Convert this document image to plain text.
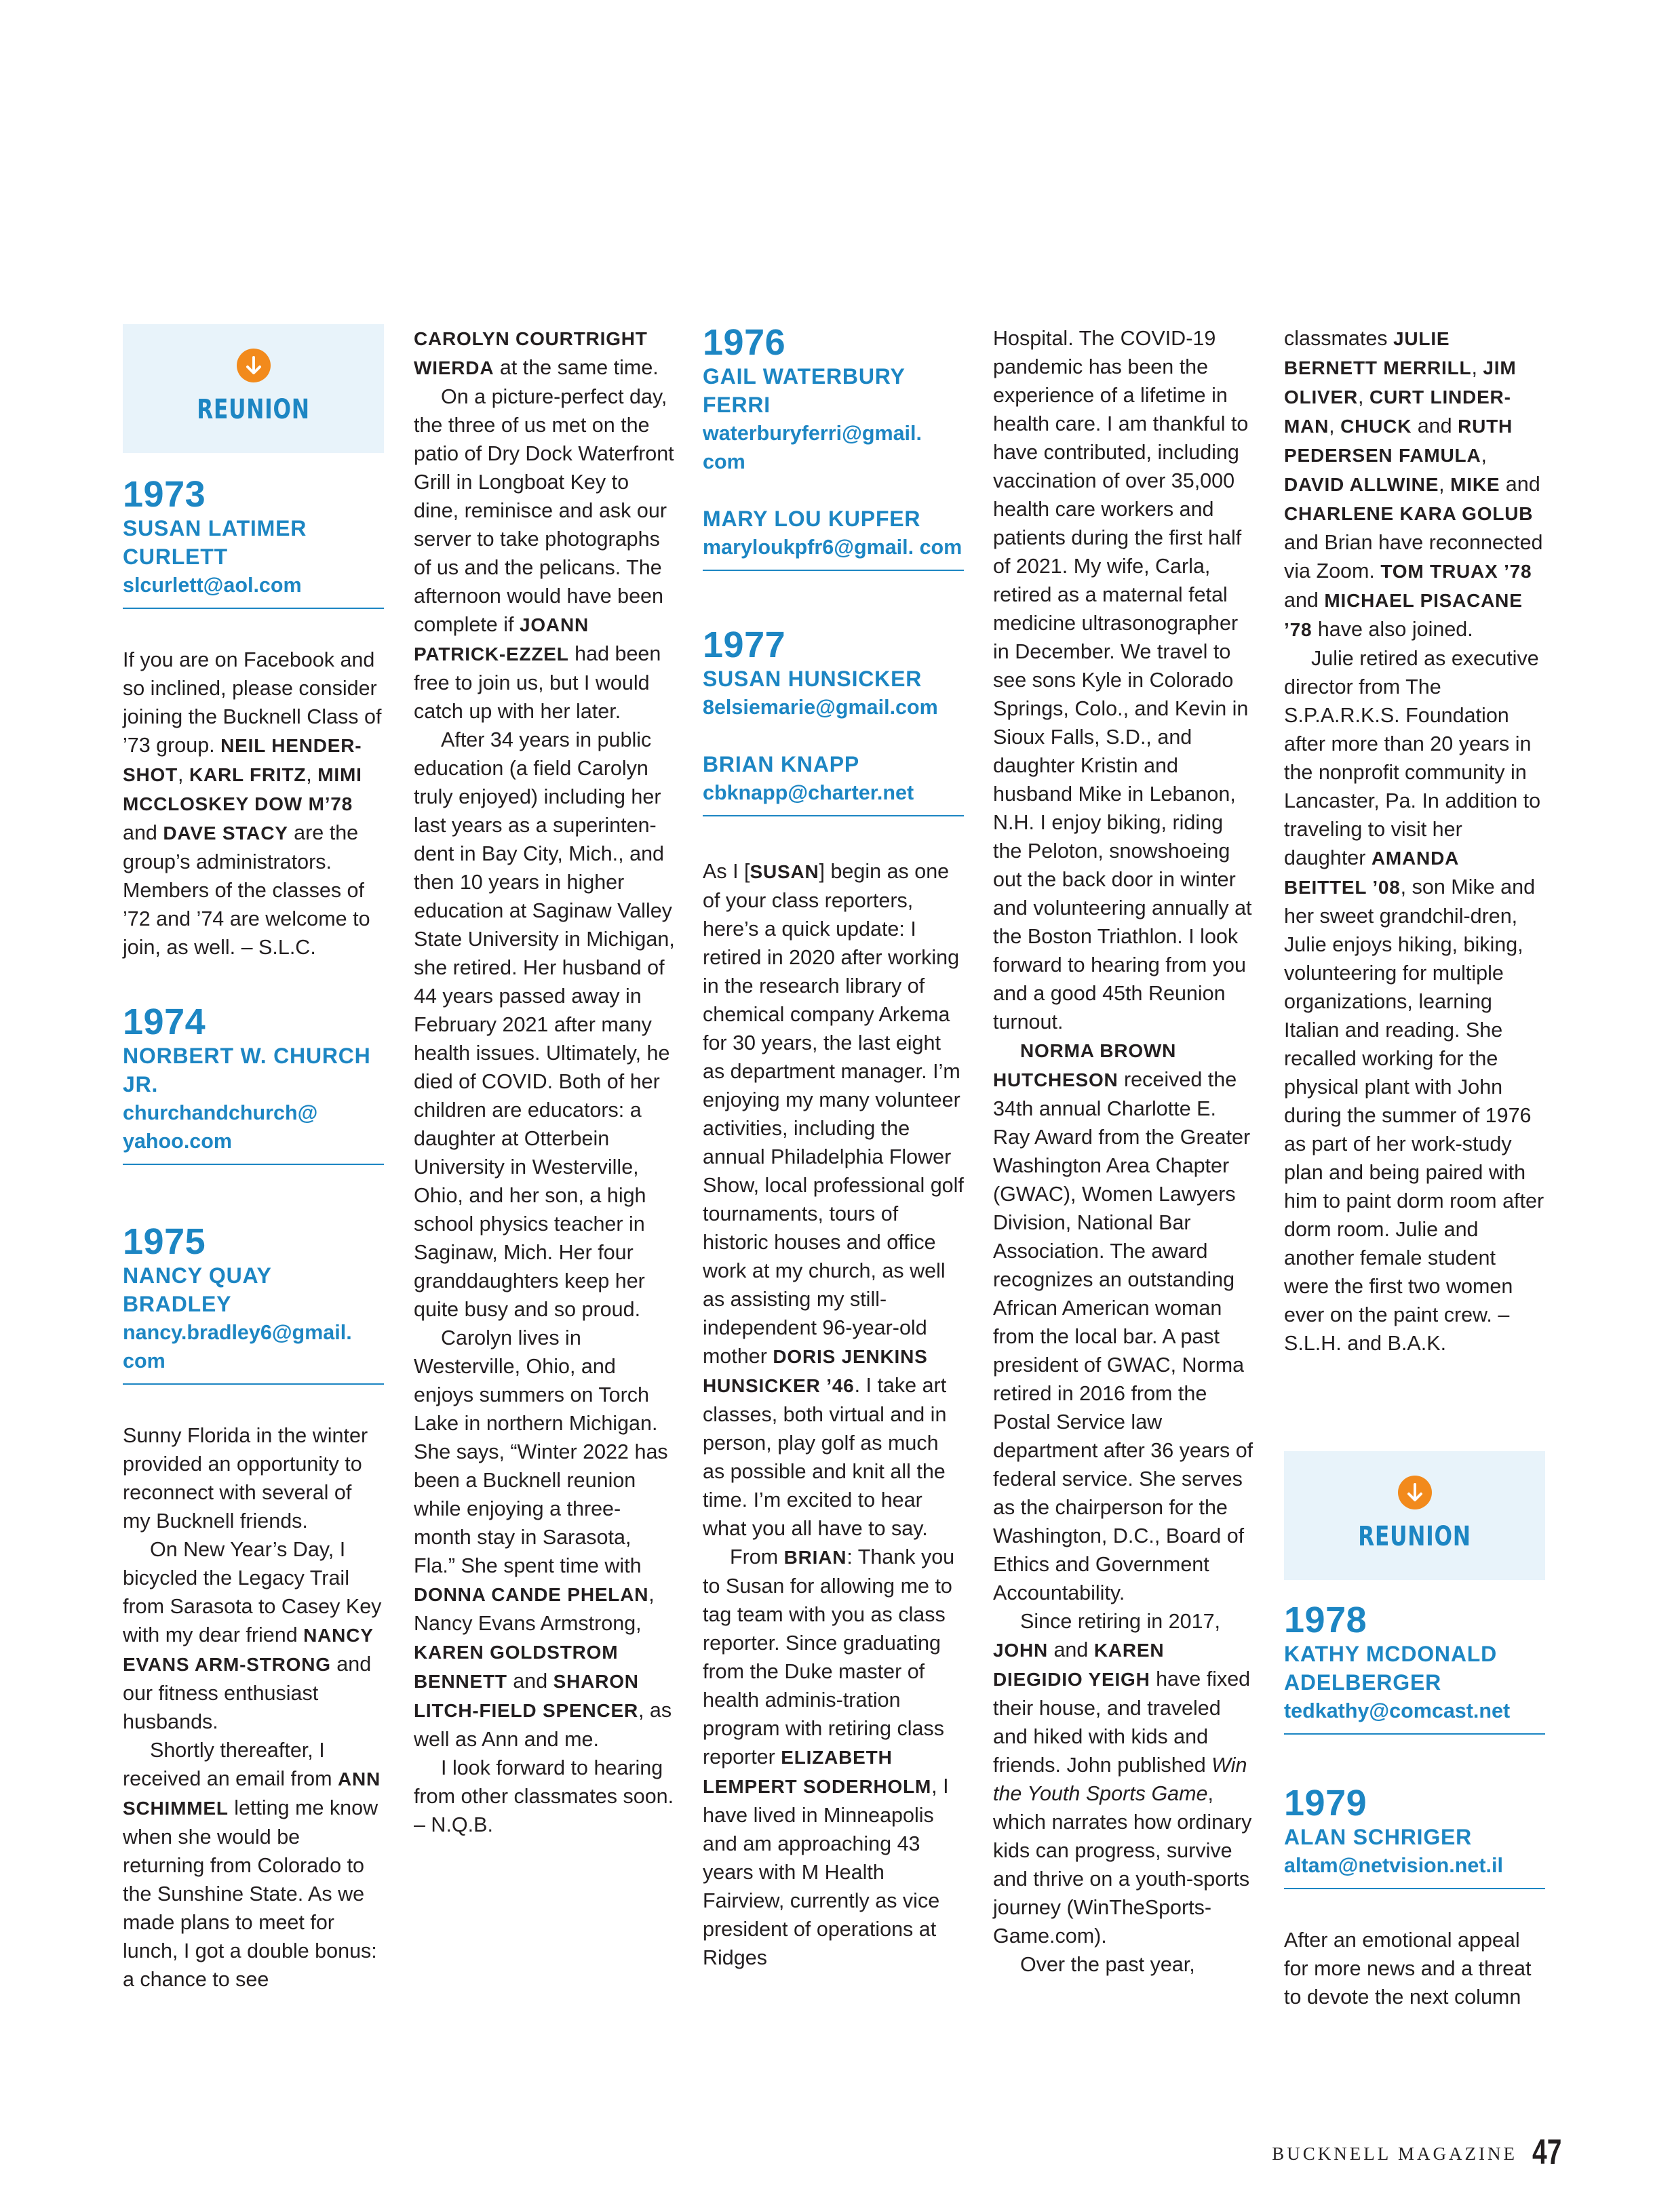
REUNION

1973

SUSAN LATIMER CURLETT

slcurlett@aol.com

If you are on Facebook and so inclined, please consider joining the Bucknell Class of ’73 group. NEIL HENDER-SHOT, KARL FRITZ, MIMI MCCLOSKEY DOW M’78 and DAVE STACY are the group’s administrators. Members of the classes of ’72 and ’74 are welcome to join, as well. – S.L.C.

1974

NORBERT W. CHURCH JR.

churchandchurch@ yahoo.com

1975

NANCY QUAY BRADLEY

nancy.bradley6@gmail. com

Sunny Florida in the winter provided an opportunity to reconnect with several of my Bucknell friends.

On New Year’s Day, I bicycled the Legacy Trail from Sarasota to Casey Key with my dear friend NANCY EVANS ARM-STRONG and our fitness enthusiast husbands.

Shortly thereafter, I received an email from ANN SCHIMMEL letting me know when she would be returning from Colorado to the Sunshine State. As we made plans to meet for lunch, I got a double bonus: a chance to see

CAROLYN COURTRIGHT WIERDA at the same time.

On a picture-perfect day, the three of us met on the patio of Dry Dock Waterfront Grill in Longboat Key to dine, reminisce and ask our server to take photographs of us and the pelicans. The afternoon would have been complete if JOANN PATRICK-EZZEL had been free to join us, but I would catch up with her later.

After 34 years in public education (a field Carolyn truly enjoyed) including her last years as a superinten-dent in Bay City, Mich., and then 10 years in higher education at Saginaw Valley State University in Michigan, she retired. Her husband of 44 years passed away in February 2021 after many health issues. Ultimately, he died of COVID. Both of her children are educators: a daughter at Otterbein University in Westerville, Ohio, and her son, a high school physics teacher in Saginaw, Mich. Her four granddaughters keep her quite busy and so proud.

Carolyn lives in Westerville, Ohio, and enjoys summers on Torch Lake in northern Michigan. She says, “Winter 2022 has been a Bucknell reunion while enjoying a three-month stay in Sarasota, Fla.” She spent time with DONNA CANDE PHELAN, Nancy Evans Armstrong, KAREN GOLDSTROM BENNETT and SHARON LITCH-FIELD SPENCER, as well as Ann and me.

I look forward to hearing from other classmates soon. – N.Q.B.

1976

GAIL WATERBURY FERRI

waterburyferri@gmail. com

MARY LOU KUPFER

maryloukpfr6@gmail. com

1977

SUSAN HUNSICKER

8elsiemarie@gmail.com

BRIAN KNAPP

cbknapp@charter.net

As I [SUSAN] begin as one of your class reporters, here’s a quick update: I retired in 2020 after working in the research library of chemical company Arkema for 30 years, the last eight as department manager. I’m enjoying my many volunteer activities, including the annual Philadelphia Flower Show, local professional golf tournaments, tours of historic houses and office work at my church, as well as assisting my still-independent 96-year-old mother DORIS JENKINS HUNSICKER ’46. I take art classes, both virtual and in person, play golf as much as possible and knit all the time. I’m excited to hear what you all have to say.

From BRIAN: Thank you to Susan for allowing me to tag team with you as class reporter. Since graduating from the Duke master of health adminis-tration program with retiring class reporter ELIZABETH LEMPERT SODERHOLM, I have lived in Minneapolis and am approaching 43 years with M Health Fairview, currently as vice president of operations at Ridges

Hospital. The COVID-19 pandemic has been the experience of a lifetime in health care. I am thankful to have contributed, including vaccination of over 35,000 health care workers and patients during the first half of 2021. My wife, Carla, retired as a maternal fetal medicine ultrasonographer in December. We travel to see sons Kyle in Colorado Springs, Colo., and Kevin in Sioux Falls, S.D., and daughter Kristin and husband Mike in Lebanon, N.H. I enjoy biking, riding the Peloton, snowshoeing out the back door in winter and volunteering annually at the Boston Triathlon. I look forward to hearing from you and a good 45th Reunion turnout.

NORMA BROWN HUTCHESON received the 34th annual Charlotte E. Ray Award from the Greater Washington Area Chapter (GWAC), Women Lawyers Division, National Bar Association. The award recognizes an outstanding African American woman from the local bar. A past president of GWAC, Norma retired in 2016 from the Postal Service law department after 36 years of federal service. She serves as the chairperson for the Washington, D.C., Board of Ethics and Government Accountability.

Since retiring in 2017, JOHN and KAREN DIEGIDIO YEIGH have fixed their house, and traveled and hiked with kids and friends. John published Win the Youth Sports Game, which narrates how ordinary kids can progress, survive and thrive on a youth-sports journey (WinTheSports-Game.com).

Over the past year,

classmates JULIE BERNETT MERRILL, JIM OLIVER, CURT LINDER-MAN, CHUCK and RUTH PEDERSEN FAMULA, DAVID ALLWINE, MIKE and CHARLENE KARA GOLUB and Brian have reconnected via Zoom. TOM TRUAX ’78 and MICHAEL PISACANE ’78 have also joined.

Julie retired as executive director from The S.P.A.R.K.S. Foundation after more than 20 years in the nonprofit community in Lancaster, Pa. In addition to traveling to visit her daughter AMANDA BEITTEL ’08, son Mike and her sweet grandchil-dren, Julie enjoys hiking, biking, volunteering for multiple organizations, learning Italian and reading. She recalled working for the physical plant with John during the summer of 1976 as part of her work-study plan and being paired with him to paint dorm room after dorm room. Julie and another female student were the first two women ever on the paint crew. – S.L.H. and B.A.K.

REUNION

1978

KATHY MCDONALD ADELBERGER

tedkathy@comcast.net

1979

ALAN SCHRIGER

altam@netvision.net.il

After an emotional appeal for more news and a threat to devote the next column

BUCKNELL MAGAZINE 47
